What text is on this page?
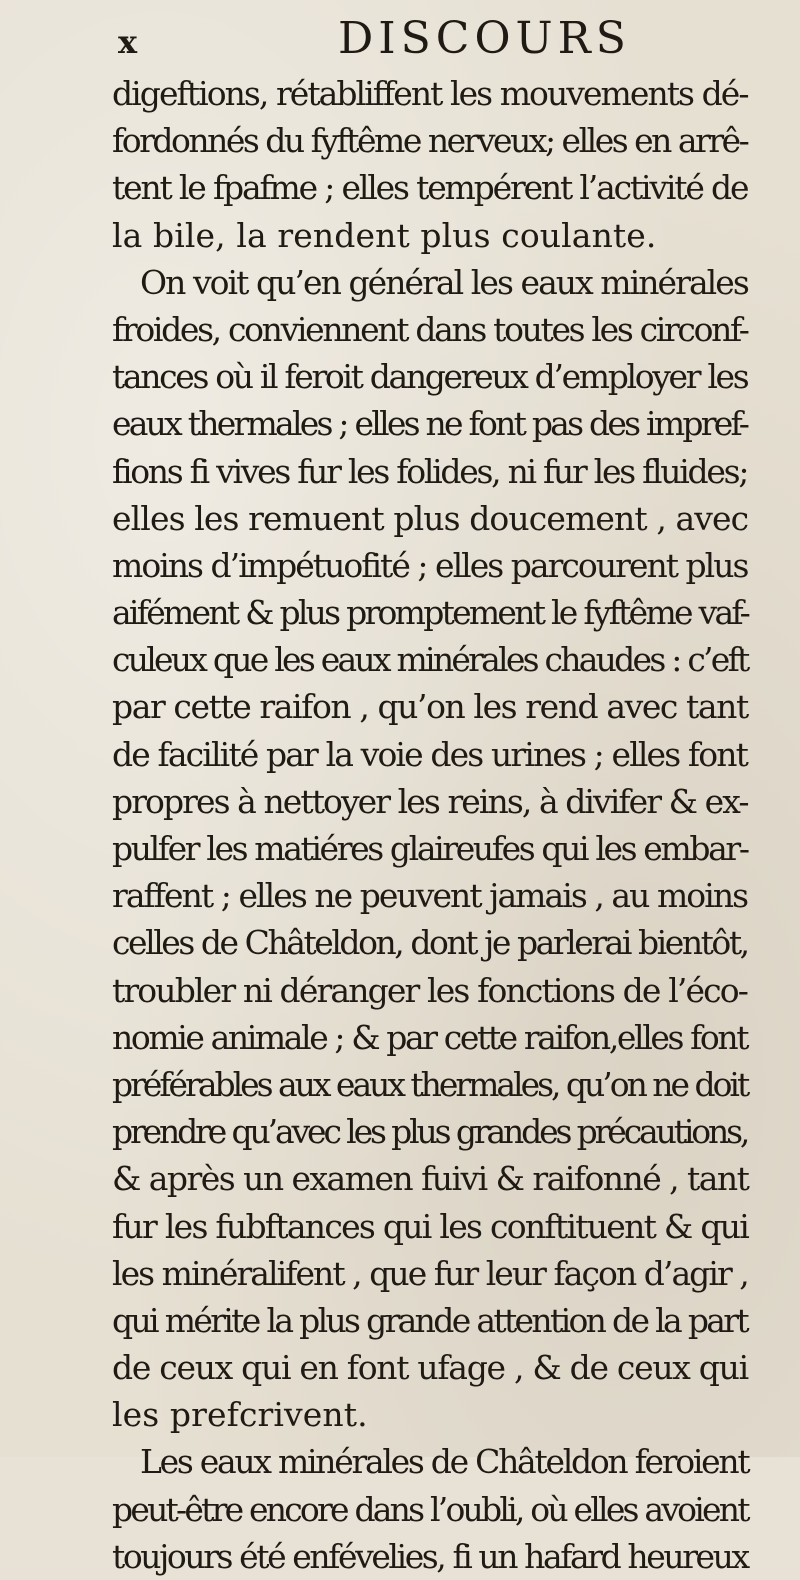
x	DISCOURS
digeftions, rétabliffent les mouvements dé-
fordonnés du fyftême nerveux; elles en arrê-
tent le fpafme ; elles tempérent l’activité de
la bile, la rendent plus coulante.
On voit qu’en général les eaux minérales
froides, conviennent dans toutes les circonf-
tances où il feroit dangereux d’employer les
eaux thermales ; elles ne font pas des impref-
fions fi vives fur les folides, ni fur les fluides;
elles les remuent plus doucement , avec
moins d’impétuofité ; elles parcourent plus
aifément & plus promptement le fyftême vaf-
culeux que les eaux minérales chaudes : c’eft
par cette raifon , qu’on les rend avec tant
de facilité par la voie des urines ; elles font
propres à nettoyer les reins, à divifer & ex-
pulfer les matiéres glaireufes qui les embar-
raffent ; elles ne peuvent jamais , au moins
celles de Châteldon, dont je parlerai bientôt,
troubler ni déranger les fonctions de l’éco-
nomie animale ; & par cette raifon,elles font
préférables aux eaux thermales, qu’on ne doit
prendre qu’avec les plus grandes précautions,
& après un examen fuivi & raifonné , tant
fur les fubftances qui les conftituent & qui
les minéralifent , que fur leur façon d’agir ,
qui mérite la plus grande attention de la part
de ceux qui en font ufage , & de ceux qui
les prefcrivent.
Les eaux minérales de Châteldon feroient
peut-être encore dans l’oubli, où elles avoient
toujours été enfévelies, fi un hafard heureux
